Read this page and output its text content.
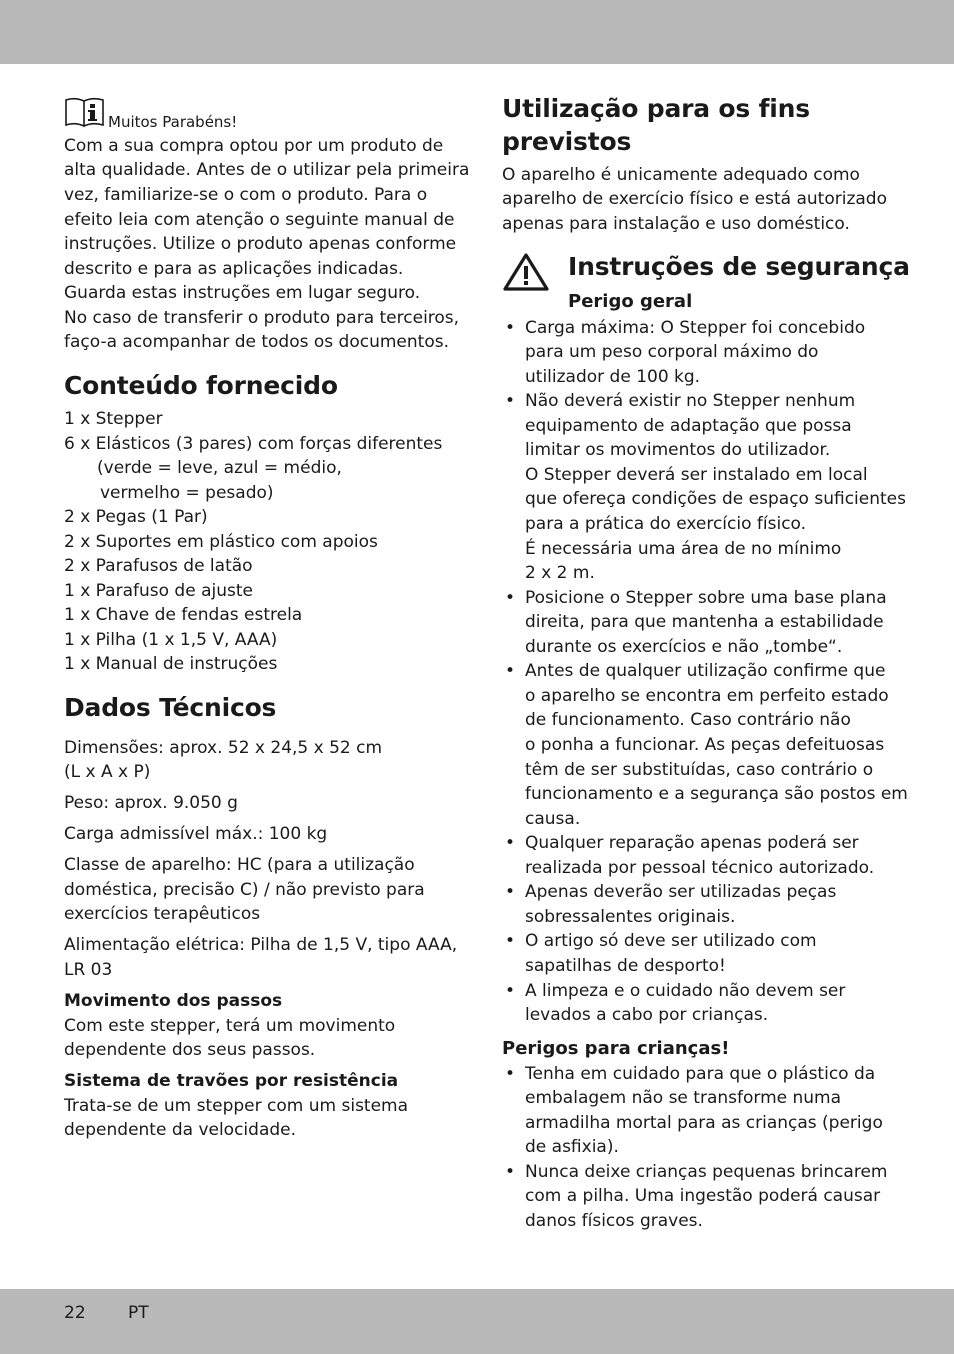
Muitos Parabéns!
Com a sua compra optou por um produto de
alta qualidade. Antes de o utilizar pela primeira
vez, familiarize-se o com o produto. Para o
efeito leia com atenção o seguinte manual de
instruções. Utilize o produto apenas conforme
descrito e para as aplicações indicadas.
Guarda estas instruções em lugar seguro.
No caso de transferir o produto para terceiros,
faço-a acompanhar de todos os documentos.
Conteúdo fornecido
1 x Stepper
6 x Elásticos (3 pares) com forças diferentes
(verde = leve, azul = médio,
vermelho = pesado)
2 x Pegas (1 Par)
2 x Suportes em plástico com apoios
2 x Parafusos de latão
1 x Parafuso de ajuste
1 x Chave de fendas estrela
1 x Pilha (1 x 1,5 V, AAA)
1 x Manual de instruções
Dados Técnicos
Dimensões: aprox. 52 x 24,5 x 52 cm
(L x A x P)
Peso: aprox. 9.050 g
Carga admissível máx.: 100 kg
Classe de aparelho: HC (para a utilização
doméstica, precisão C) / não previsto para
exercícios terapêuticos
Alimentação elétrica: Pilha de 1,5 V, tipo AAA,
LR 03
Movimento dos passos
Com este stepper, terá um movimento
dependente dos seus passos.
Sistema de travões por resistência
Trata-se de um stepper com um sistema
dependente da velocidade.
Utilização para os fins
previstos
O aparelho é unicamente adequado como
aparelho de exercício físico e está autorizado
apenas para instalação e uso doméstico.
Instruções de segurança
Perigo geral
• Carga máxima: O Stepper foi concebido
para um peso corporal máximo do
utilizador de 100 kg.
• Não deverá existir no Stepper nenhum
equipamento de adaptação que possa
limitar os movimentos do utilizador.
O Stepper deverá ser instalado em local
que ofereça condições de espaço suficientes
para a prática do exercício físico.
É necessária uma área de no mínimo
2 x 2 m.
• Posicione o Stepper sobre uma base plana
direita, para que mantenha a estabilidade
durante os exercícios e não „tombe“.
• Antes de qualquer utilização confirme que
o aparelho se encontra em perfeito estado
de funcionamento. Caso contrário não
o ponha a funcionar. As peças defeituosas
têm de ser substituídas, caso contrário o
funcionamento e a segurança são postos em
causa.
• Qualquer reparação apenas poderá ser
realizada por pessoal técnico autorizado.
• Apenas deverão ser utilizadas peças
sobressalentes originais.
• O artigo só deve ser utilizado com
sapatilhas de desporto!
• A limpeza e o cuidado não devem ser
levados a cabo por crianças.
Perigos para crianças!
• Tenha em cuidado para que o plástico da
embalagem não se transforme numa
armadilha mortal para as crianças (perigo
de asfixia).
• Nunca deixe crianças pequenas brincarem
com a pilha. Uma ingestão poderá causar
danos físicos graves.
22 PT
